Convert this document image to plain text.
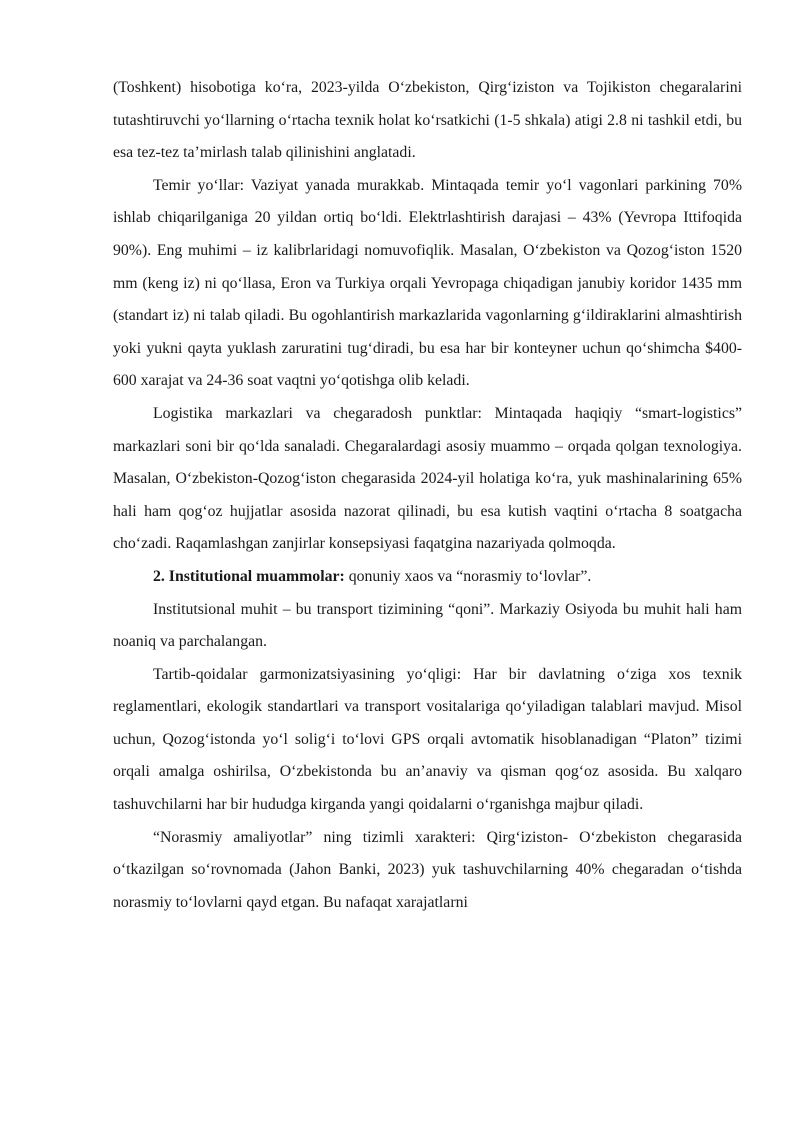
(Toshkent) hisobotiga ko‘ra, 2023-yilda O‘zbekiston, Qirg‘iziston va Tojikiston chegaralarini tutashtiruvchi yo‘llarning o‘rtacha texnik holat ko‘rsatkichi (1-5 shkala) atigi 2.8 ni tashkil etdi, bu esa tez-tez ta’mirlash talab qilinishini anglatadi.

Temir yo‘llar: Vaziyat yanada murakkab. Mintaqada temir yo‘l vagonlari parkining 70% ishlab chiqarilganiga 20 yildan ortiq bo‘ldi. Elektrlashtirish darajasi – 43% (Yevropa Ittifoqida 90%). Eng muhimi – iz kalibrlaridagi nomuvofiqlik. Masalan, O‘zbekiston va Qozog‘iston 1520 mm (keng iz) ni qo‘llasa, Eron va Turkiya orqali Yevropaga chiqadigan janubiy koridor 1435 mm (standart iz) ni talab qiladi. Bu ogohlantirish markazlarida vagonlarning g‘ildiraklarini almashtirish yoki yukni qayta yuklash zaruratini tug‘diradi, bu esa har bir konteyner uchun qo‘shimcha $400-600 xarajat va 24-36 soat vaqtni yo‘qotishga olib keladi.

Logistika markazlari va chegaradosh punktlar: Mintaqada haqiqiy “smart-logistics” markazlari soni bir qo‘lda sanaladi. Chegaralardagi asosiy muammo – orqada qolgan texnologiya. Masalan, O‘zbekiston-Qozog‘iston chegarasida 2024-yil holatiga ko‘ra, yuk mashinalarining 65% hali ham qog‘oz hujjatlar asosida nazorat qilinadi, bu esa kutish vaqtini o‘rtacha 8 soatgacha cho‘zadi. Raqamlashgan zanjirlar konsepsiyasi faqatgina nazariyada qolmoqda.

2. Institutional muammolar: qonuniy xaos va “norasmiy to‘lovlar”.

Institutsional muhit – bu transport tizimining “qoni”. Markaziy Osiyoda bu muhit hali ham noaniq va parchalangan.

Tartib-qoidalar garmonizatsiyasining yo‘qligi: Har bir davlatning o‘ziga xos texnik reglamentlari, ekologik standartlari va transport vositalariga qo‘yiladigan talablari mavjud. Misol uchun, Qozog‘istonda yo‘l solig‘i to‘lovi GPS orqali avtomatik hisoblanadigan “Platon” tizimi orqali amalga oshirilsa, O‘zbekistonda bu an’anaviy va qisman qog‘oz asosida. Bu xalqaro tashuvchilarni har bir hududga kirganda yangi qoidalarni o‘rganishga majbur qiladi.

“Norasmiy amaliyotlar” ning tizimli xarakteri: Qirg‘iziston- O‘zbekiston chegarasida o‘tkazilgan so‘rovnomada (Jahon Banki, 2023) yuk tashuvchilarning 40% chegaradan o‘tishda norasmiy to‘lovlarni qayd etgan. Bu nafaqat xarajatlarni
